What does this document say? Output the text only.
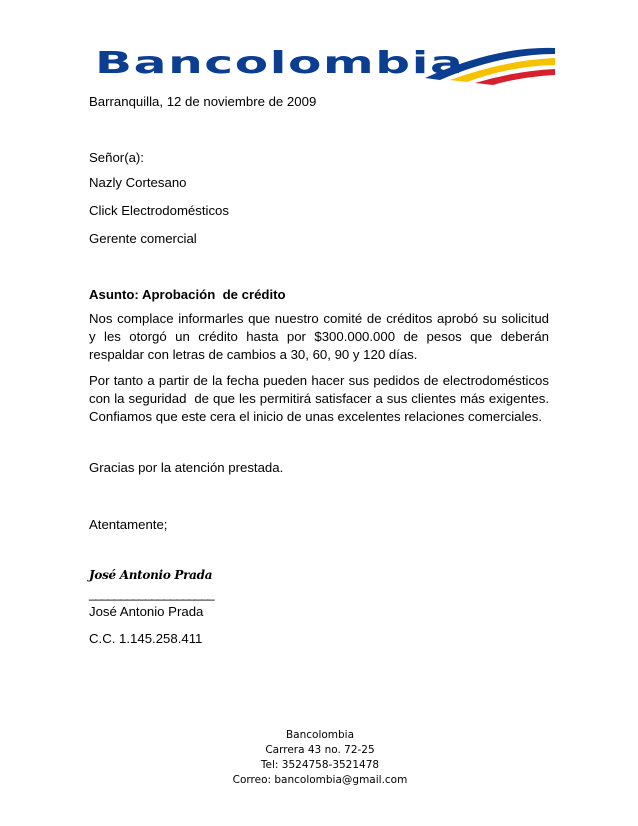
Bancolombia

Barranquilla, 12 de noviembre de 2009

Señor(a):

Nazly Cortesano

Click Electrodomésticos

Gerente comercial

Asunto: Aprobación  de crédito

Nos complace informarles que nuestro comité de créditos aprobó su solicitud y les otorgó un crédito hasta por $300.000.000 de pesos que deberán respaldar con letras de cambios a 30, 60, 90 y 120 días.

Por tanto a partir de la fecha pueden hacer sus pedidos de electrodomésticos con la seguridad  de que les permitirá satisfacer a sus clientes más exigentes. Confiamos que este cera el inicio de unas excelentes relaciones comerciales.

Gracias por la atención prestada.

Atentamente;

José Antonio Prada
____________________

José Antonio Prada

C.C. 1.145.258.411

Bancolombia
Carrera 43 no. 72-25
Tel: 3524758-3521478
Correo: bancolombia@gmail.com
